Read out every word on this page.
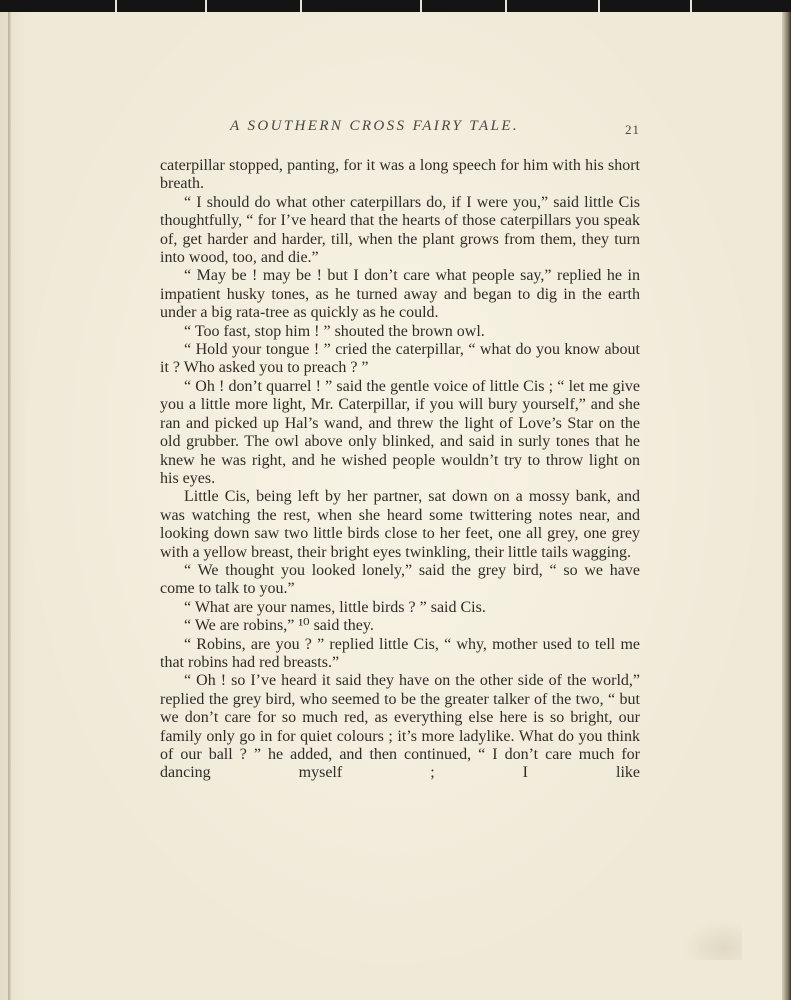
A SOUTHERN CROSS FAIRY TALE.	21

caterpillar stopped, panting, for it was a long speech for him with his short breath.

“ I should do what other caterpillars do, if I were you,” said little Cis thoughtfully, “ for I’ve heard that the hearts of those caterpillars you speak of, get harder and harder, till, when the plant grows from them, they turn into wood, too, and die.”

“ May be ! may be ! but I don’t care what people say,” replied he in impatient husky tones, as he turned away and began to dig in the earth under a big rata-tree as quickly as he could.

“ Too fast, stop him ! ” shouted the brown owl.

“ Hold your tongue ! ” cried the caterpillar, “ what do you know about it ? Who asked you to preach ? ”

“ Oh ! don’t quarrel ! ” said the gentle voice of little Cis ; “ let me give you a little more light, Mr. Caterpillar, if you will bury yourself,” and she ran and picked up Hal’s wand, and threw the light of Love’s Star on the old grubber. The owl above only blinked, and said in surly tones that he knew he was right, and he wished people wouldn’t try to throw light on his eyes.

Little Cis, being left by her partner, sat down on a mossy bank, and was watching the rest, when she heard some twittering notes near, and looking down saw two little birds close to her feet, one all grey, one grey with a yellow breast, their bright eyes twinkling, their little tails wagging.

“ We thought you looked lonely,” said the grey bird, “ so we have come to talk to you.”

“ What are your names, little birds ? ” said Cis.

“ We are robins,” ¹⁰ said they.

“ Robins, are you ? ” replied little Cis, “ why, mother used to tell me that robins had red breasts.”

“ Oh ! so I’ve heard it said they have on the other side of the world,” replied the grey bird, who seemed to be the greater talker of the two, “ but we don’t care for so much red, as everything else here is so bright, our family only go in for quiet colours ; it’s more ladylike. What do you think of our ball ? ” he added, and then continued, “ I don’t care much for dancing myself ; I like
